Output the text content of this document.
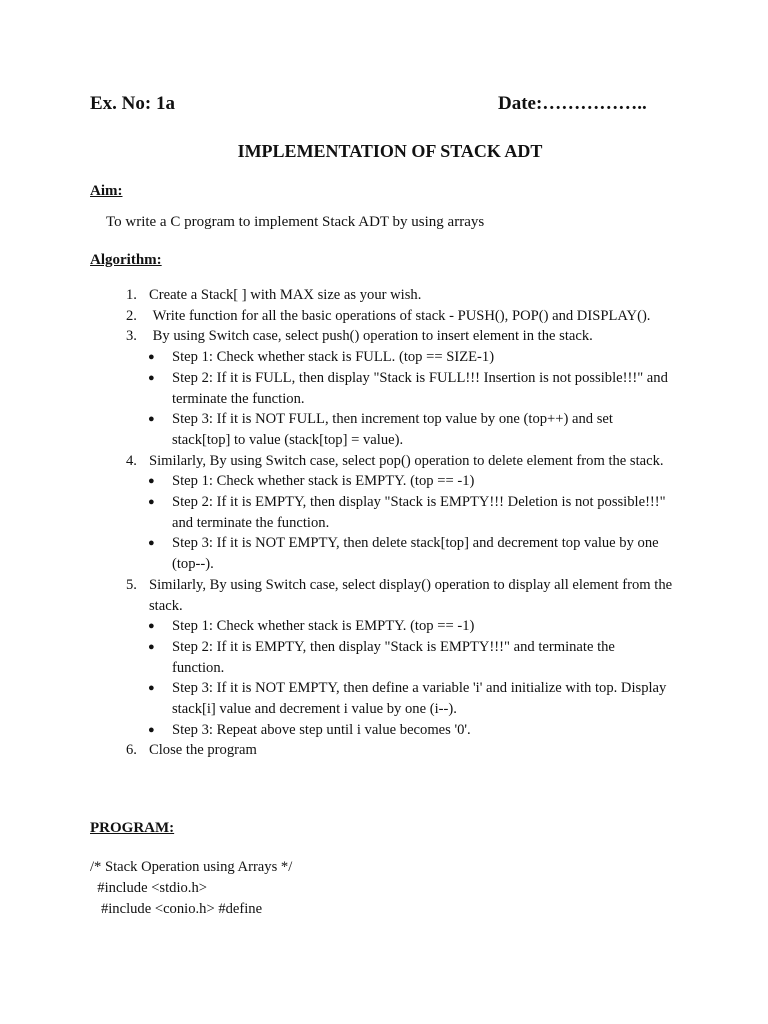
Ex. No: 1a	Date:……………..
IMPLEMENTATION OF STACK ADT
Aim:
To write a C program to implement Stack ADT by using arrays
Algorithm:
1. Create a Stack[ ] with MAX size as your wish.
2. Write function for all the basic operations of stack - PUSH(), POP() and DISPLAY().
3. By using Switch case, select push() operation to insert element in the stack.
● Step 1: Check whether stack is FULL. (top == SIZE-1)
● Step 2: If it is FULL, then display "Stack is FULL!!! Insertion is not possible!!!" and terminate the function.
● Step 3: If it is NOT FULL, then increment top value by one (top++) and set stack[top] to value (stack[top] = value).
4. Similarly, By using Switch case, select pop() operation to delete element from the stack.
● Step 1: Check whether stack is EMPTY. (top == -1)
● Step 2: If it is EMPTY, then display "Stack is EMPTY!!! Deletion is not possible!!!" and terminate the function.
● Step 3: If it is NOT EMPTY, then delete stack[top] and decrement top value by one (top--).
5. Similarly, By using Switch case, select display() operation to display all element from the stack.
● Step 1: Check whether stack is EMPTY. (top == -1)
● Step 2: If it is EMPTY, then display "Stack is EMPTY!!!" and terminate the function.
● Step 3: If it is NOT EMPTY, then define a variable 'i' and initialize with top. Display stack[i] value and decrement i value by one (i--).
● Step 3: Repeat above step until i value becomes '0'.
6. Close the program
PROGRAM:
/* Stack Operation using Arrays */
#include <stdio.h>
#include <conio.h> #define
